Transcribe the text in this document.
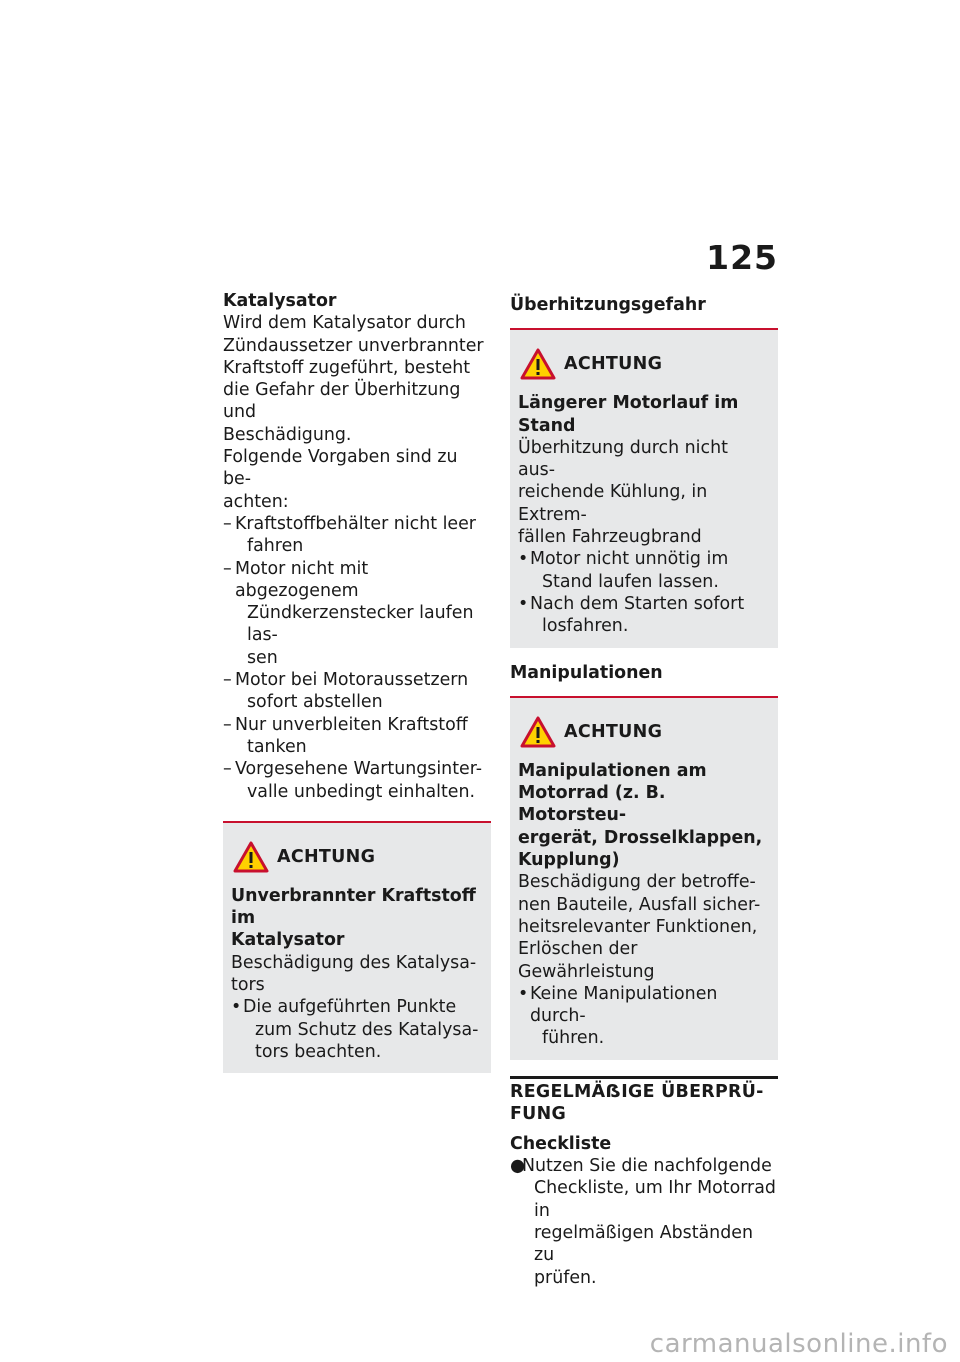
125
Katalysator
Wird dem Katalysator durch
Zündaussetzer unverbrannter
Kraftstoff zugeführt, besteht
die Gefahr der Überhitzung und
Beschädigung.
Folgende Vorgaben sind zu be-
achten:
– Kraftstoffbehälter nicht leer
fahren
– Motor nicht mit abgezogenem
Zündkerzenstecker laufen las-
sen
– Motor bei Motoraussetzern
sofort abstellen
– Nur unverbleiten Kraftstoff
tanken
– Vorgesehene Wartungsinter-
valle unbedingt einhalten.
ACHTUNG
Unverbrannter Kraftstoff im
Katalysator
Beschädigung des Katalysa-
tors
• Die aufgeführten Punkte
zum Schutz des Katalysa-
tors beachten.
Überhitzungsgefahr
ACHTUNG
Längerer Motorlauf im Stand
Überhitzung durch nicht aus-
reichende Kühlung, in Extrem-
fällen Fahrzeugbrand
• Motor nicht unnötig im
Stand laufen lassen.
• Nach dem Starten sofort
losfahren.
Manipulationen
ACHTUNG
Manipulationen am
Motorrad (z. B. Motorsteu-
ergerät, Drosselklappen,
Kupplung)
Beschädigung der betroffe-
nen Bauteile, Ausfall sicher-
heitsrelevanter Funktionen,
Erlöschen der Gewährleistung
• Keine Manipulationen durch-
führen.
REGELMÄẞIGE ÜBERPRÜ-
FUNG
Checkliste
●
Nutzen Sie die nachfolgende
Checkliste, um Ihr Motorrad in
regelmäßigen Abständen zu
prüfen.
carmanualsonline.info
